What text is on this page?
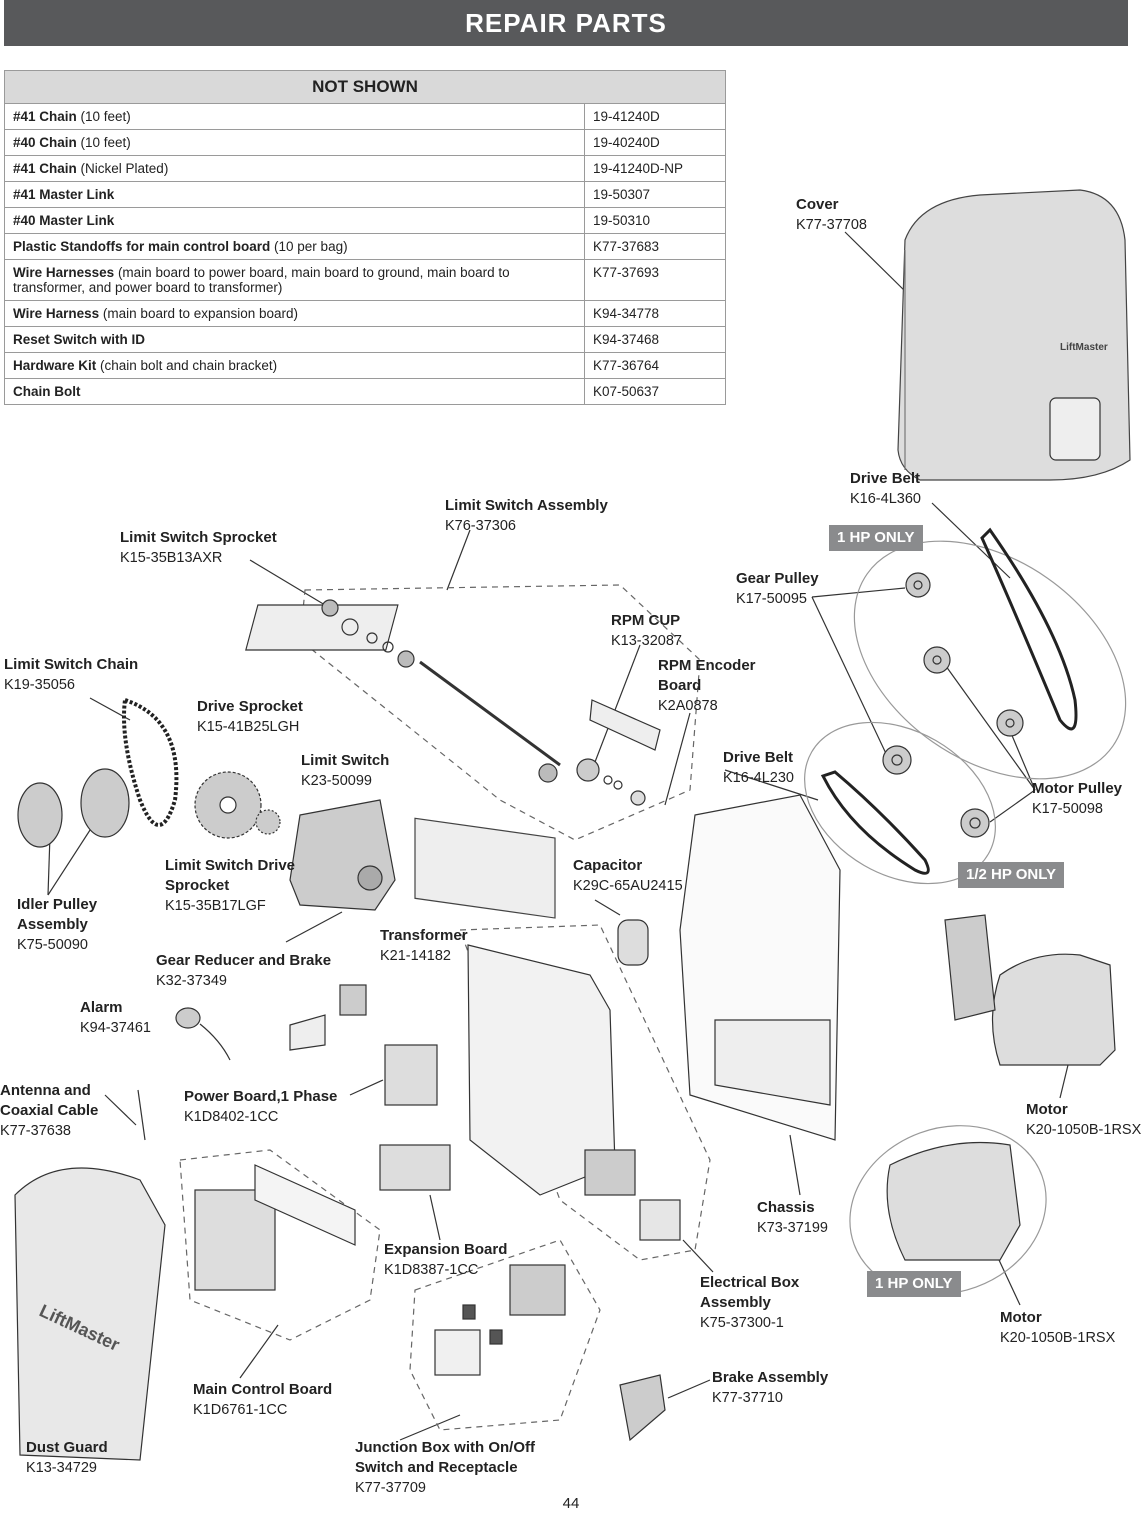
REPAIR PARTS
NOT SHOWN	
#41 Chain (10 feet)	19-41240D
#40 Chain (10 feet)	19-40240D
#41 Chain (Nickel Plated)	19-41240D-NP
#41 Master Link	19-50307
#40 Master Link	19-50310
Plastic Standoffs for main control board (10 per bag)	K77-37683
Wire Harnesses (main board to power board, main board to ground, main board to transformer, and power board to transformer)	K77-37693
Wire Harness (main board to expansion board)	K94-34778
Reset Switch with ID	K94-37468
Hardware Kit (chain bolt and chain bracket)	K77-36764
Chain Bolt	K07-50637
LiftMaster
LiftMaster
Cover
K77-37708
Drive Belt
K16-4L360
1 HP ONLY
Gear Pulley
K17-50095
Limit Switch Assembly
K76-37306
Limit Switch Sprocket
K15-35B13AXR
RPM CUP
K13-32087
RPM Encoder Board
K2A0878
Limit Switch Chain
K19-35056
Drive Sprocket
K15-41B25LGH
Limit Switch
K23-50099
Drive Belt
K16-4L230
Motor Pulley
K17-50098
Capacitor
K29C-65AU2415
1/2 HP ONLY
Limit Switch Drive Sprocket
K15-35B17LGF
Idler Pulley Assembly
K75-50090
Gear Reducer and Brake
K32-37349
Transformer
K21-14182
Alarm
K94-37461
Antenna and Coaxial Cable
K77-37638
Power Board,1 Phase
K1D8402-1CC	Motor
K20-1050B-1RSX
Chassis
K73-37199
Expansion Board
K1D8387-1CC
Electrical Box Assembly
K75-37300-1
1 HP ONLY
Motor
K20-1050B-1RSX
Main Control Board
K1D6761-1CC
Brake Assembly
K77-37710
Dust Guard
K13-34729
Junction Box with On/Off Switch and Receptacle
K77-37709
44
